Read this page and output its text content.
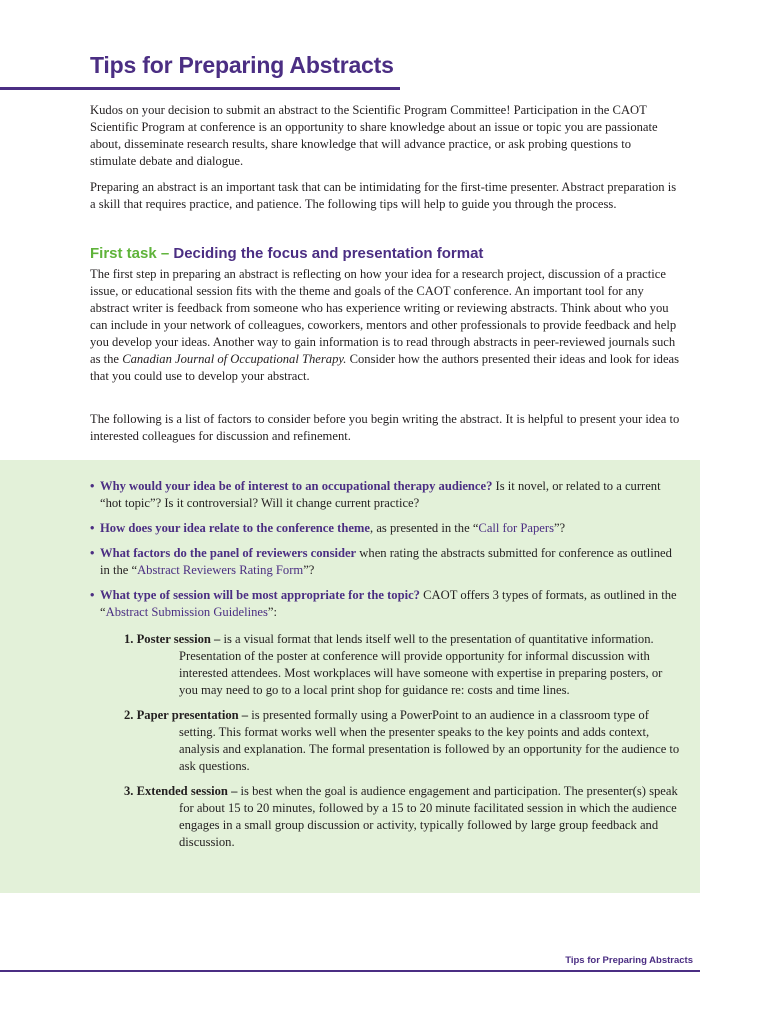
Tips for Preparing Abstracts

Kudos on your decision to submit an abstract to the Scientific Program Committee! Participation in the CAOT Scientific Program at conference is an opportunity to share knowledge about an issue or topic you are passionate about, disseminate research results, share knowledge that will advance practice, or ask probing questions to stimulate debate and dialogue.

Preparing an abstract is an important task that can be intimidating for the first-time presenter. Abstract preparation is a skill that requires practice, and patience. The following tips will help to guide you through the process.

First task – Deciding the focus and presentation format

The first step in preparing an abstract is reflecting on how your idea for a research project, discussion of a practice issue, or educational session fits with the theme and goals of the CAOT conference. An important tool for any abstract writer is feedback from someone who has experience writing or reviewing abstracts. Think about who you can include in your network of colleagues, coworkers, mentors and other professionals to provide feedback and help you develop your ideas. Another way to gain information is to read through abstracts in peer-reviewed journals such as the Canadian Journal of Occupational Therapy. Consider how the authors presented their ideas and look for ideas that you could use to develop your abstract.

The following is a list of factors to consider before you begin writing the abstract. It is helpful to present your idea to interested colleagues for discussion and refinement.

• Why would your idea be of interest to an occupational therapy audience? Is it novel, or related to a current “hot topic”? Is it controversial? Will it change current practice?
• How does your idea relate to the conference theme, as presented in the “Call for Papers”?
• What factors do the panel of reviewers consider when rating the abstracts submitted for conference as outlined in the “Abstract Reviewers Rating Form”?
• What type of session will be most appropriate for the topic? CAOT offers 3 types of formats, as outlined in the “Abstract Submission Guidelines”:
1. Poster session – is a visual format that lends itself well to the presentation of quantitative information. Presentation of the poster at conference will provide opportunity for informal discussion with interested attendees. Most workplaces will have someone with expertise in preparing posters, or you may need to go to a local print shop for guidance re: costs and time lines.
2. Paper presentation – is presented formally using a PowerPoint to an audience in a classroom type of setting. This format works well when the presenter speaks to the key points and adds context, analysis and explanation. The formal presentation is followed by an opportunity for the audience to ask questions.
3. Extended session – is best when the goal is audience engagement and participation. The presenter(s) speak for about 15 to 20 minutes, followed by a 15 to 20 minute facilitated session in which the audience engages in a small group discussion or activity, typically followed by large group feedback and discussion.
Tips for Preparing Abstracts
